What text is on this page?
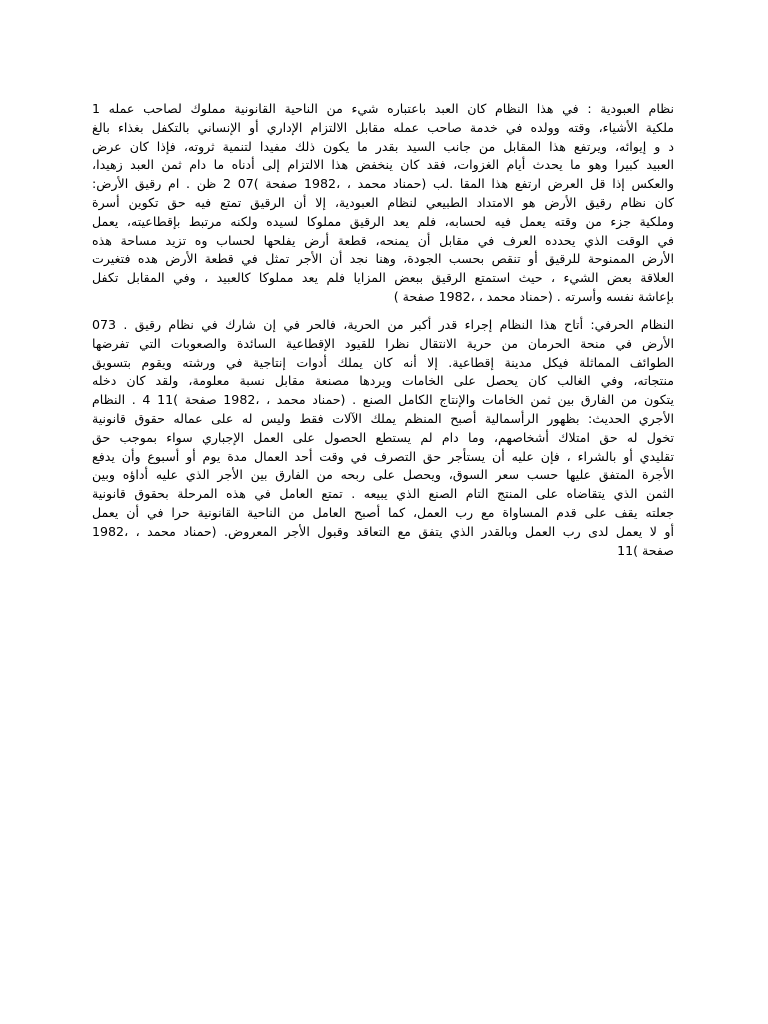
نظام العبودية : في هذا النظام كان العبد باعتباره شيء من الناحية القانونية مملوك لصاحب عمله 1
ملكية الأشياء، وقته وولده في خدمة صاحب عمله مقابل الالتزام الإداري أو الإنساني بالتكفل بغذاء بالغ
د و إيوائه، ويرتفع هذا المقابل من جانب السيد بقدر ما يكون ذلك مفيدا لتنمية ثروته، فإذا كان عرض
العبيد كبيرا وهو ما يحدث أيام الغزوات، فقد كان ينخفض هذا الالتزام إلى أدناه ما دام ثمن العبد زهيدا،
والعكس إذا قل العرض ارتفع هذا المقا .لب (حمناد محمد ، ،1982 صفحة )07 2 ظن . ام رقيق الأرض:
كان نظام رقيق الأرض هو الامتداد الطبيعي لنظام العبودية، إلا أن الرقيق تمتع فيه حق تكوين أسرة
وملكية جزء من وقته يعمل فيه لحسابه، فلم يعد الرقيق مملوكا لسيده ولكنه مرتبط بإقطاعيته، يعمل
في الوقت الذي يحدده العرف في مقابل أن يمنحه، قطعة أرض يفلحها لحساب وه تزيد مساحة هذه
الأرض الممنوحة للرقيق أو تنقص بحسب الجودة، وهنا نجد أن الأجر تمثل في قطعة الأرض هده فتغيرت
العلاقة بعض الشيء ، حيث استمتع الرقيق ببعض المزايا فلم يعد مملوكا كالعبيد ، وفي المقابل تكفل
بإعاشة نفسه وأسرته . (حمناد محمد ، ،1982 صفحة )
النظام الحرفي: أتاح هذا النظام إجراء قدر أكبر من الحرية، فالحر في إن شارك في نظام رقيق . 073
الأرض في منحة الحرمان من حرية الانتقال نظرا للقيود الإقطاعية السائدة والصعوبات التي تفرضها
الطوائف المماثلة فيكل مدينة إقطاعية. إلا أنه كان يملك أدوات إنتاجية في ورشته ويقوم بتسويق
منتجاته، وفي الغالب كان يحصل على الخامات ويردها مصنعة مقابل نسبة معلومة، ولقد كان دخله
يتكون من الفارق بين ثمن الخامات والإنتاج الكامل الصنع . (حمناد محمد ، ،1982 صفحة )11 4 . النظام
الأجري الحديث: بظهور الرأسمالية أصبح المنظم يملك الآلات فقط وليس له على عماله حقوق قانونية
تخول له حق امتلاك أشخاصهم، وما دام لم يستطع الحصول على العمل الإجباري سواء بموجب حق
تقليدي أو بالشراء ، فإن عليه أن يستأجر حق التصرف في وقت أحد العمال مدة يوم أو أسبوع وأن يدفع
الأجرة المتفق عليها حسب سعر السوق، ويحصل على ربحه من الفارق بين الأجر الذي عليه أداؤه وبين
الثمن الذي يتقاضاه على المنتج التام الصنع الذي يبيعه . تمتع العامل في هذه المرحلة بحقوق قانونية
جعلته يقف على قدم المساواة مع رب العمل، كما أصبح العامل من الناحية القانونية حرا في أن يعمل
أو لا يعمل لدى رب العمل وبالقدر الذي يتفق مع التعاقد وقبول الأجر المعروض. (حمناد محمد ، ،1982
صفحة )11
